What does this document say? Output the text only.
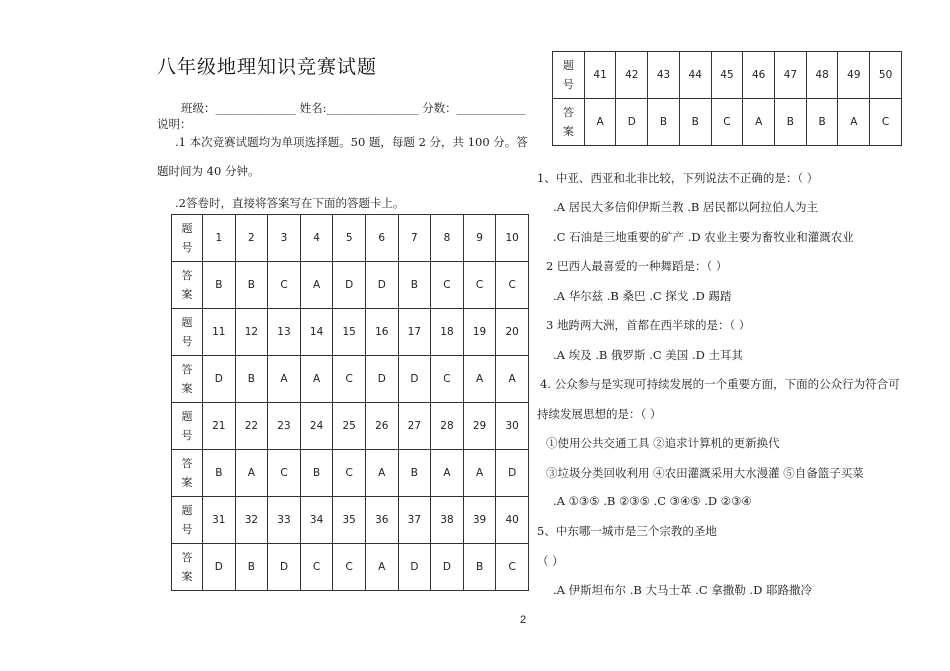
八年级地理知识竞赛试题
班级：______________ 姓名:________________ 分数：____________
说明：
.1 本次竞赛试题均为单项选择题。50 题，每题 2 分，共 100 分。答
题时间为 40 分钟。
.2答卷时，直接将答案写在下面的答题卡上。
题
号	1	2	3	4	5	6	7	8	9	10

答
案	B	B	C	A	D	D	B	C	C	C

题
号	11	12	13	14	15	16	17	18	19	20

答
案	D	B	A	A	C	D	D	C	A	A

题
号	21	22	23	24	25	26	27	28	29	30

答
案	B	A	C	B	C	A	B	A	A	D

题
号	31	32	33	34	35	36	37	38	39	40

答
案	D	B	D	C	C	A	D	D	B	C
题
号	41	42	43	44	45	46	47	48	49	50

答
案	A	D	B	B	C	A	B	B	A	C
1、中亚、西亚和北非比较，下列说法不正确的是：（ ）
.A 居民大多信仰伊斯兰教 .B 居民都以阿拉伯人为主
.C 石油是三地重要的矿产 .D 农业主要为畜牧业和灌溉农业
2 巴西人最喜爱的一种舞蹈是：（ ）
.A 华尔兹 .B 桑巴 .C 探戈 .D 踢踏
3 地跨两大洲，首都在西半球的是：（ ）
.A 埃及 .B 俄罗斯 .C 美国 .D 土耳其
4. 公众参与是实现可持续发展的一个重要方面，下面的公众行为符合可
持续发展思想的是：（ ）
①使用公共交通工具 ②追求计算机的更新换代
③垃圾分类回收利用 ④农田灌溉采用大水漫灌 ⑤自备篮子买菜
.A ①③⑤ .B ②③⑤ .C ③④⑤ .D ②③④
5、中东哪一城市是三个宗教的圣地
（ ）
.A 伊斯坦布尔 .B 大马士革 .C 拿撒勒 .D 耶路撒冷
2
